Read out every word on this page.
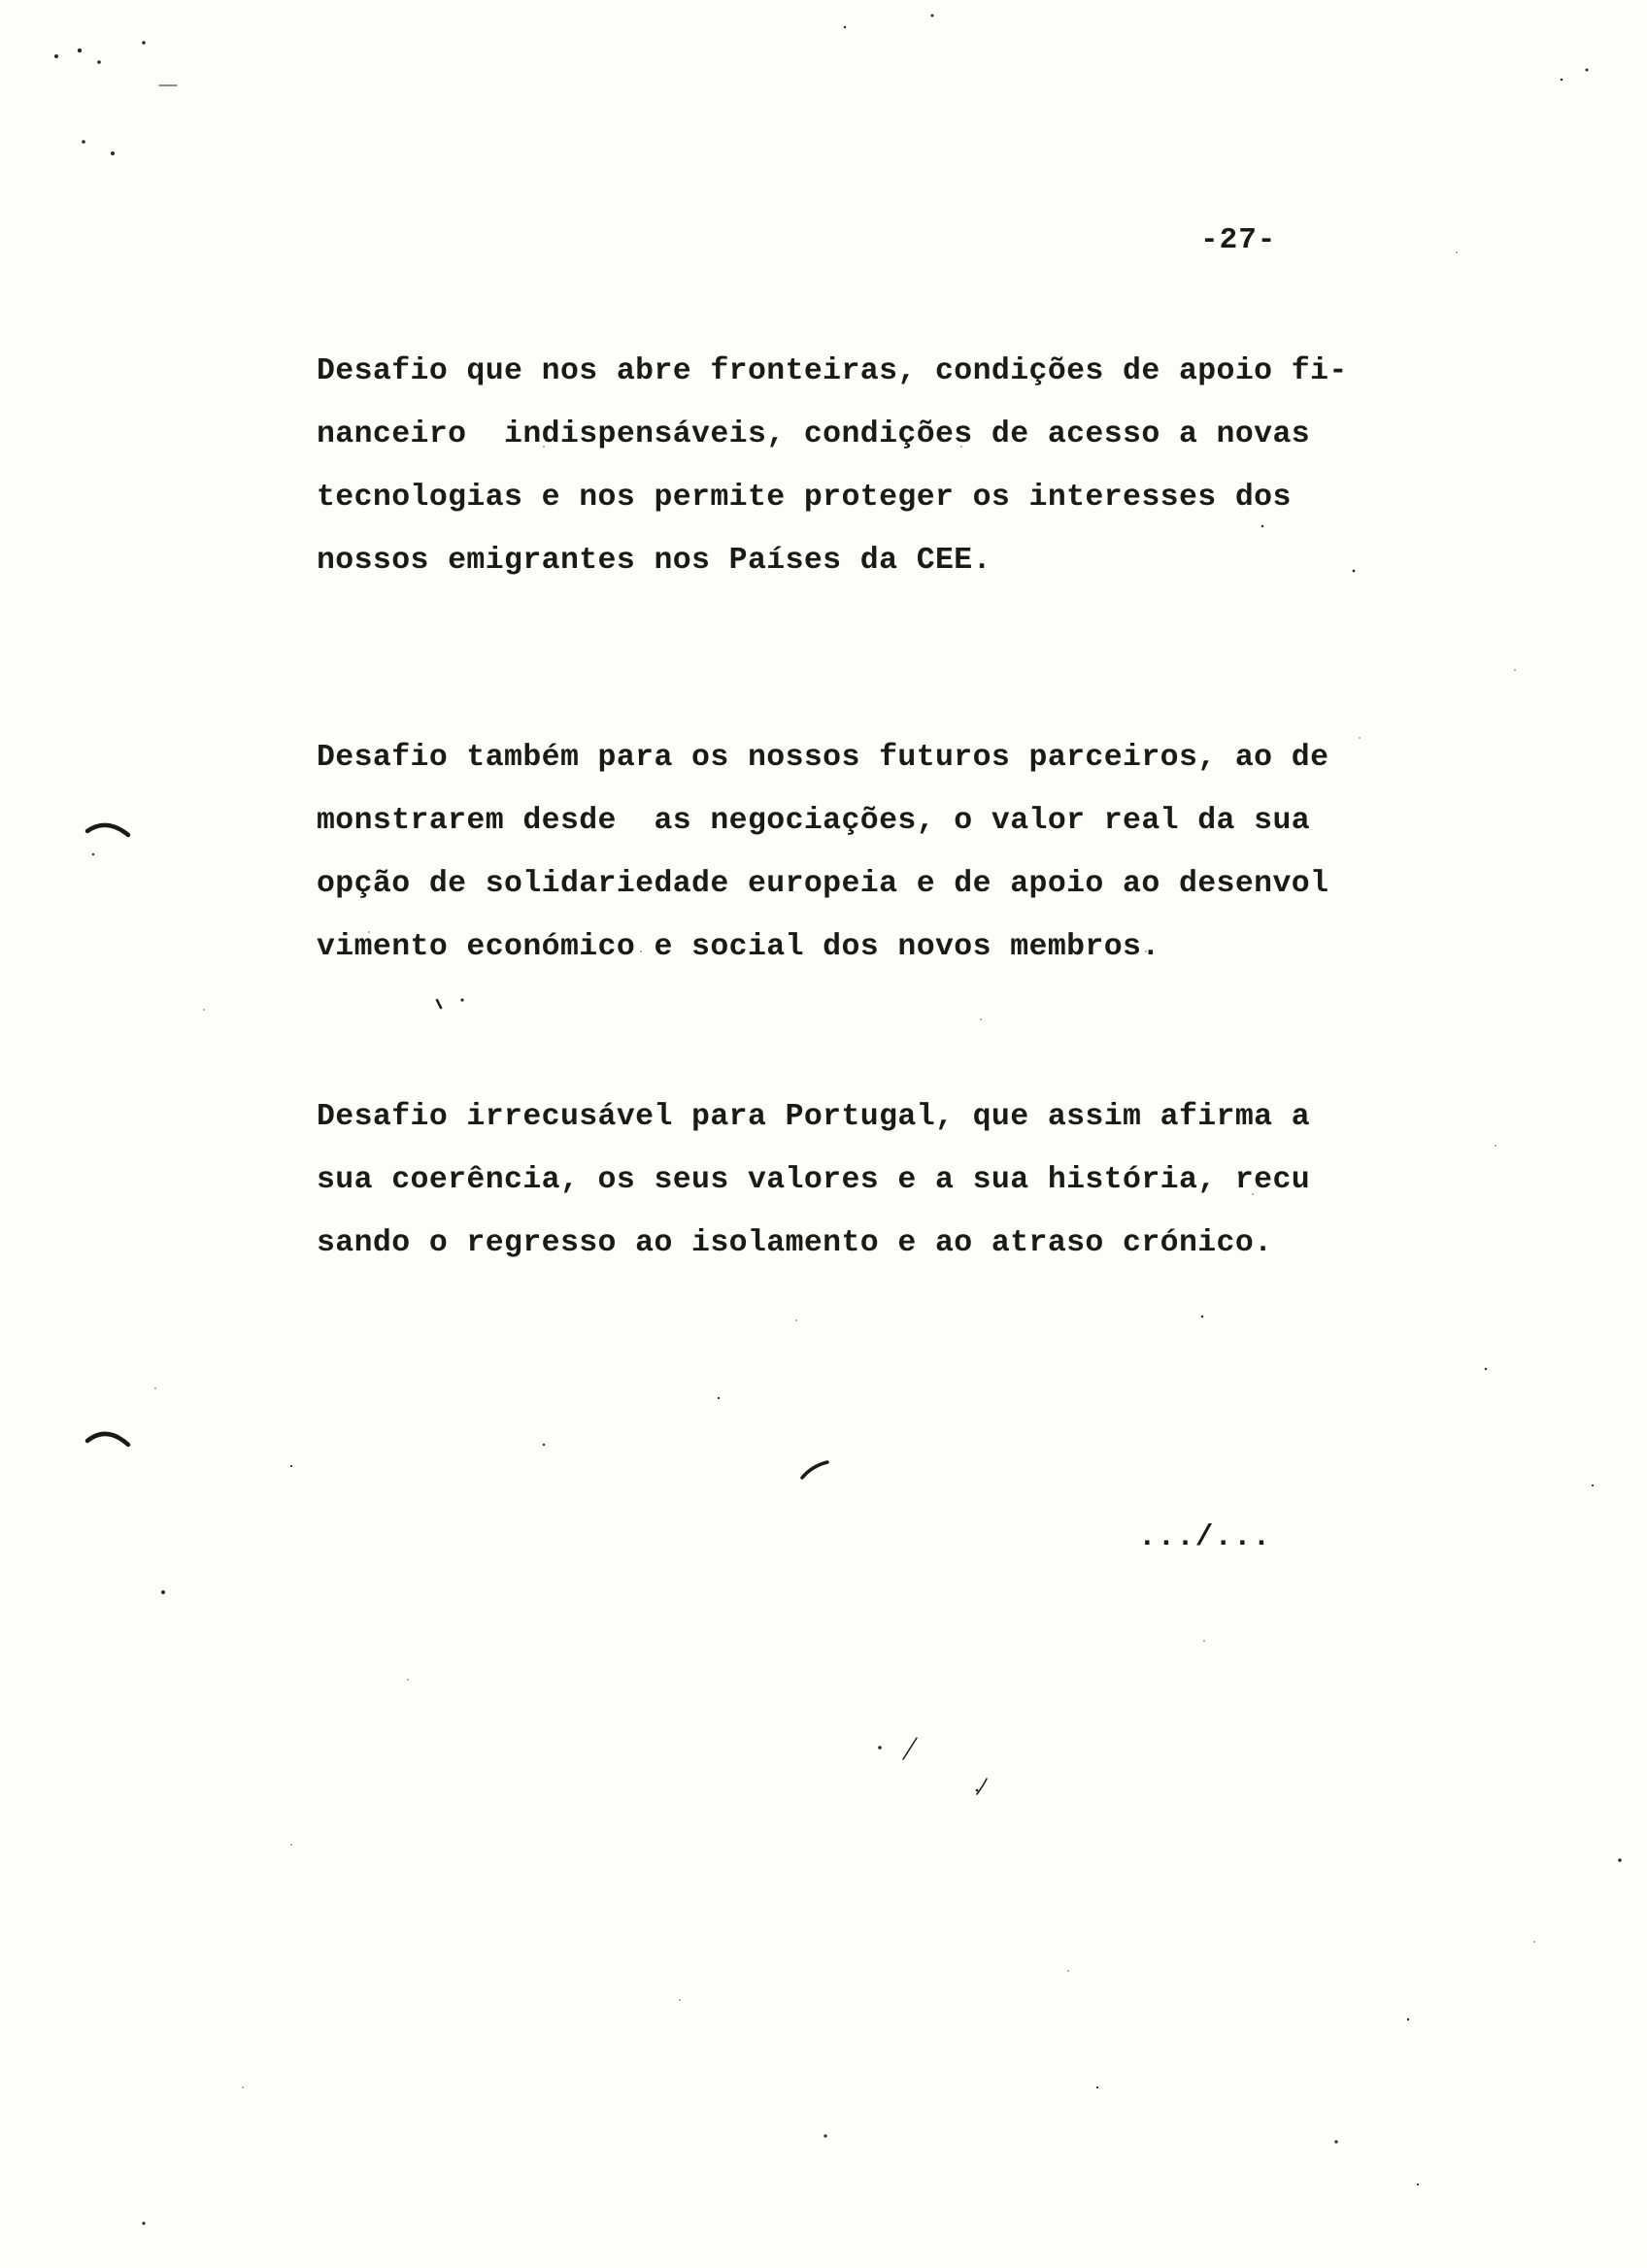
-27-
Desafio que nos abre fronteiras, condições de apoio fi-
nanceiro  indispensáveis, condições de acesso a novas
tecnologias e nos permite proteger os interesses dos
nossos emigrantes nos Países da CEE.
Desafio também para os nossos futuros parceiros, ao de
monstrarem desde  as negociações, o valor real da sua
opção de solidariedade europeia e de apoio ao desenvol
vimento económico e social dos novos membros.
Desafio irrecusável para Portugal, que assim afirma a
sua coerência, os seus valores e a sua história, recu
sando o regresso ao isolamento e ao atraso crónico.
.../...
